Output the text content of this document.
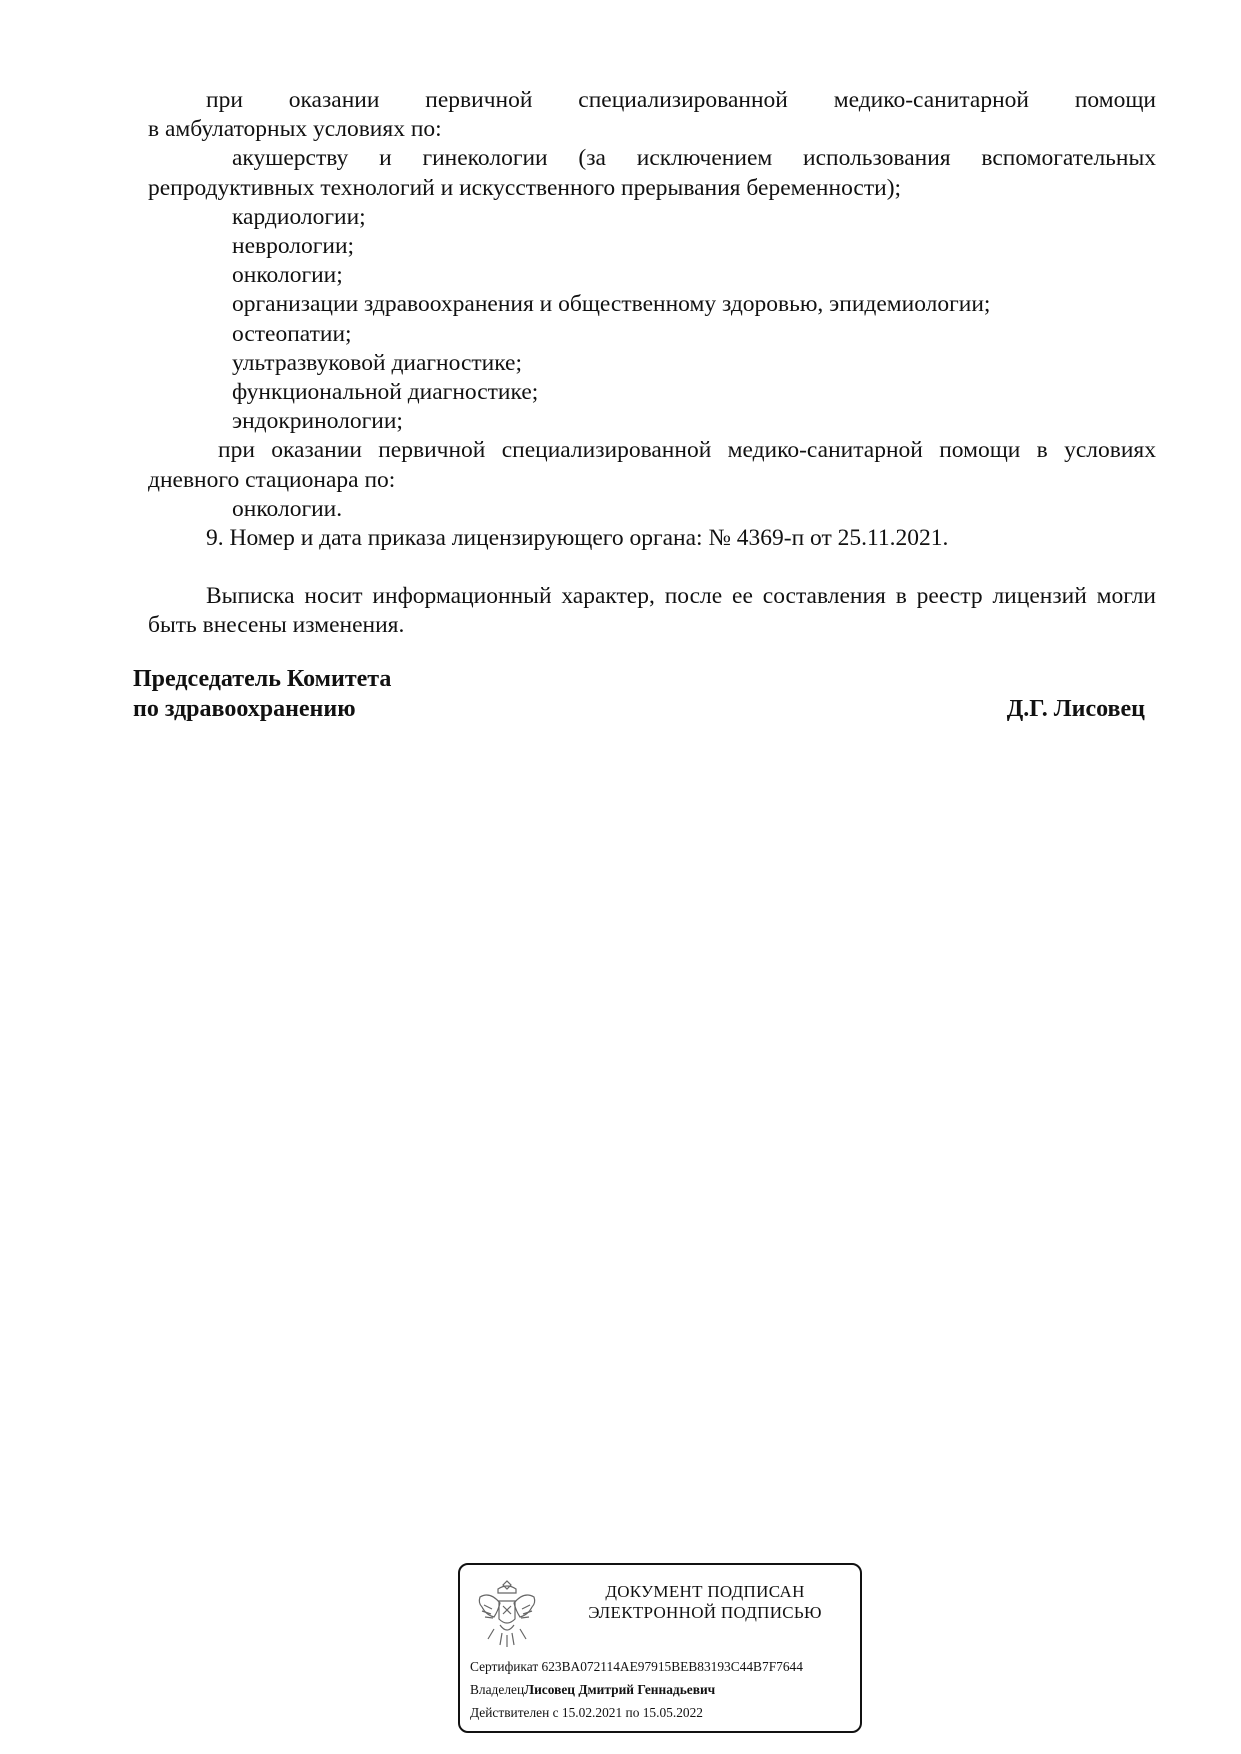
при оказании первичной специализированной медико-санитарной помощи

в амбулаторных условиях по:

акушерству и гинекологии (за исключением использования вспомогательных

репродуктивных технологий и искусственного прерывания беременности);

кардиологии;

неврологии;

онкологии;

организации здравоохранения и общественному здоровью, эпидемиологии;

остеопатии;

ультразвуковой диагностике;

функциональной диагностике;

эндокринологии;

при оказании первичной специализированной медико-санитарной помощи в условиях

дневного стационара по:

онкологии.

9. Номер и дата приказа лицензирующего органа: № 4369-п от 25.11.2021.

Выписка носит информационный характер, после ее составления в реестр лицензий могли быть внесены изменения.

Председатель Комитета
по здравоохранению	Д.Г. Лисовец
ДОКУМЕНТ ПОДПИСАН
ЭЛЕКТРОННОЙ ПОДПИСЬЮ
Сертификат 623BA072114AE97915BEB83193C44B7F7644
ВладелецЛисовец Дмитрий Геннадьевич
Действителен с 15.02.2021 по 15.05.2022
